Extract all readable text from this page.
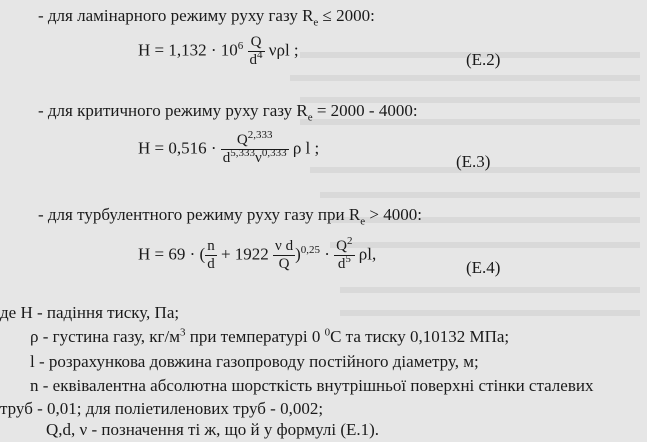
- для ламінарного режиму руху газу $R_e \le 2000$:
$H = 1,132 \cdot 10^6 \frac{Q}{d^4}$ νρl ;
(Е.2)
- для критичного режиму руху газу $R_e = 2000 - 4000$:
$H = 0,516 \cdot \frac{Q^{2,333}}{d^{5,333}\nu^{0,333}}$ ρ l ;
(Е.3)
- для турбулентного режиму руху газу при $R_e > 4000$:
H = 69 · ( $\frac{n}{d} + 1922 \frac{\text{ν d}}{Q} )^{0,25} \cdot \frac{Q^2}{d^5} \rho l$,
(Е.4)
де H - падіння тиску, Па;
ρ - густина газу, $кг/м^3$ при температурі 0 $^0$С та тиску 0,10132 МПа;
l - розрахункова довжина газопроводу постійного діаметру, м;
n - еквівалентна абсолютна шорсткість внутрішньої поверхні стінки сталевих
труб - 0,01; для поліетиленових труб - 0,002;
Q,d, ν - позначення ті ж, що й у формулі (Е.1).
